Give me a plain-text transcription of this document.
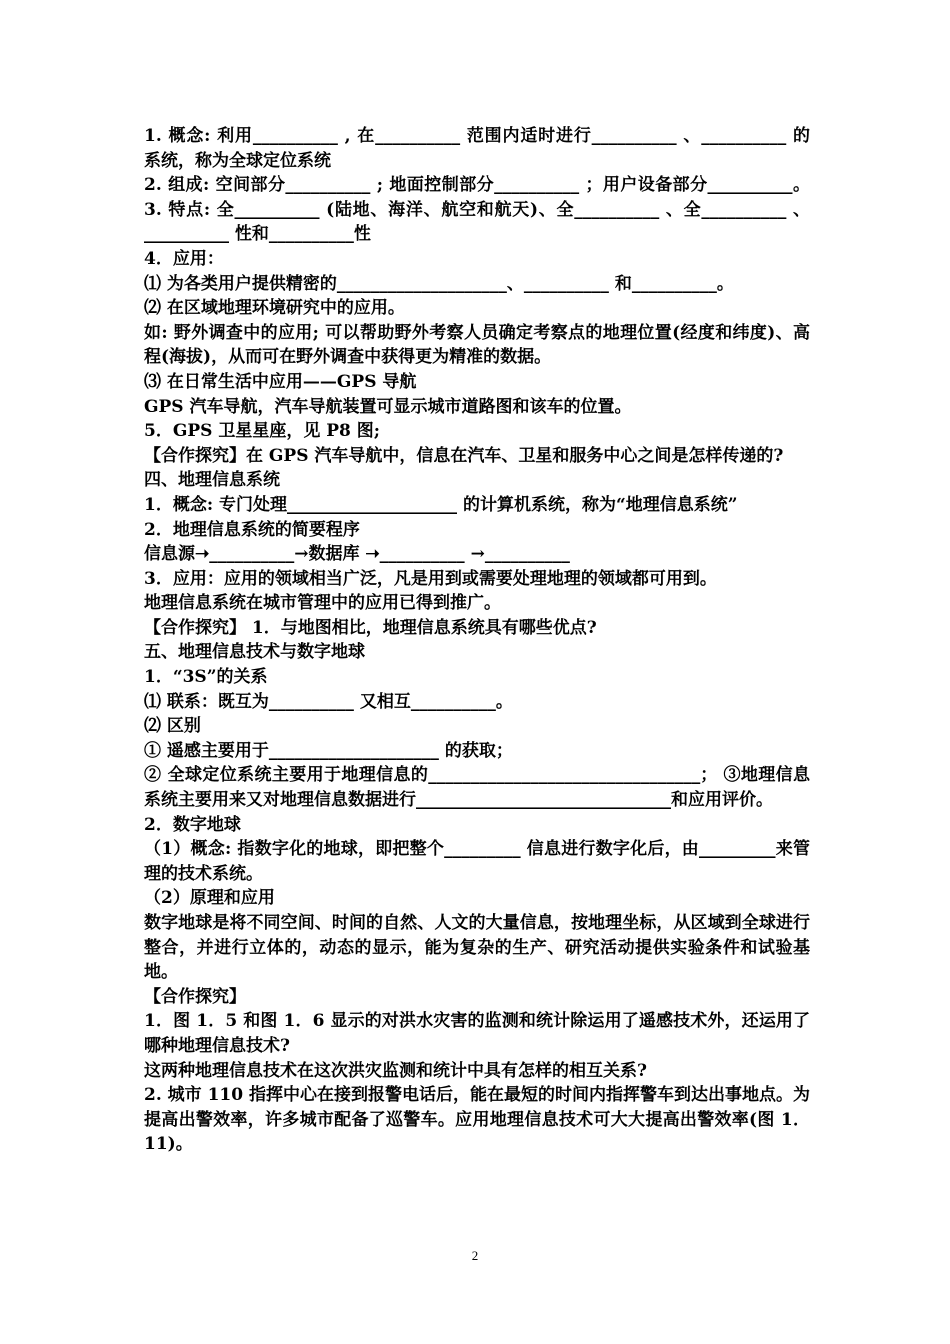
1. 概念: 利用__________ , 在__________ 范围内适时进行__________ 、__________ 的系统，称为全球定位系统
2. 组成: 空间部分__________ ; 地面控制部分__________ ；用户设备部分__________。3. 特点: 全__________ (陆地、海洋、航空和航天)、全__________ 、全__________ 、__________ 性和__________性
4．应用：
⑴ 为各类用户提供精密的____________________、__________ 和__________。
⑵ 在区域地理环境研究中的应用。
如: 野外调查中的应用; 可以帮助野外考察人员确定考察点的地理位置(经度和纬度)、高程(海拔)，从而可在野外调查中获得更为精准的数据。
⑶ 在日常生活中应用——GPS 导航
GPS 汽车导航，汽车导航装置可显示城市道路图和该车的位置。
5．GPS 卫星星座，见 P8 图;
【合作探究】在 GPS 汽车导航中，信息在汽车、卫星和服务中心之间是怎样传递的?
四、地理信息系统
1．概念: 专门处理____________________ 的计算机系统，称为“地理信息系统”
2．地理信息系统的简要程序
信息源➝__________→数据库 ➝__________ →__________
3．应用：应用的领域相当广泛，凡是用到或需要处理地理的领域都可用到。
地理信息系统在城市管理中的应用已得到推广。
【合作探究】 1．与地图相比，地理信息系统具有哪些优点?
五、地理信息技术与数字地球
1．“3S”的关系
⑴ 联系：既互为__________ 又相互__________。
⑵ 区别
① 遥感主要用于____________________ 的获取；
② 全球定位系统主要用于地理信息的________________________________； ③地理信息系统主要用来又对地理信息数据进行______________________________和应用评价。
2．数字地球
（1）概念: 指数字化的地球，即把整个_________ 信息进行数字化后，由_________来管理的技术系统。
（2）原理和应用
数字地球是将不同空间、时间的自然、人文的大量信息，按地理坐标，从区域到全球进行整合，并进行立体的，动态的显示，能为复杂的生产、研究活动提供实验条件和试验基地。
【合作探究】
1．图 1．5 和图 1．6 显示的对洪水灾害的监测和统计除运用了遥感技术外，还运用了哪种地理信息技术?
这两种地理信息技术在这次洪灾监测和统计中具有怎样的相互关系?
2. 城市 110 指挥中心在接到报警电话后，能在最短的时间内指挥警车到达出事地点。为提高出警效率，许多城市配备了巡警车。应用地理信息技术可大大提高出警效率(图 1．11)。
2
